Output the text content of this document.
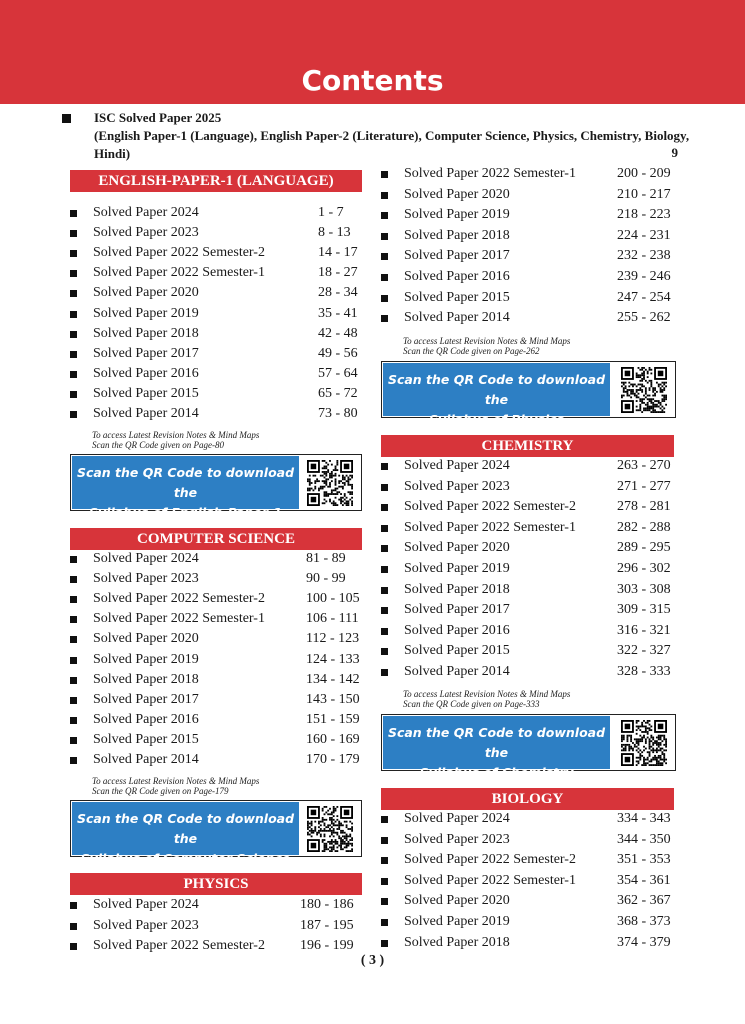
Contents
ISC Solved Paper 2025
(English Paper-1 (Language), English Paper-2 (Literature), Computer Science, Physics, Chemistry, Biology,
Hindi)	9
ENGLISH-PAPER-1 (LANGUAGE)
Solved Paper 2024	1 - 7
Solved Paper 2023	8 - 13
Solved Paper 2022 Semester-2	14 - 17
Solved Paper 2022 Semester-1	18 - 27
Solved Paper 2020	28 - 34
Solved Paper 2019	35 - 41
Solved Paper 2018	42 - 48
Solved Paper 2017	49 - 56
Solved Paper 2016	57 - 64
Solved Paper 2015	65 - 72
Solved Paper 2014	73 - 80
To access Latest Revision Notes & Mind Maps
Scan the QR Code given on Page-80
Scan the QR Code to download the
Syllabus of English-Paper-1
COMPUTER SCIENCE
Solved Paper 2024	81 - 89
Solved Paper 2023	90 - 99
Solved Paper 2022 Semester-2	100 - 105
Solved Paper 2022 Semester-1	106 - 111
Solved Paper 2020	112 - 123
Solved Paper 2019	124 - 133
Solved Paper 2018	134 - 142
Solved Paper 2017	143 - 150
Solved Paper 2016	151 - 159
Solved Paper 2015	160 - 169
Solved Paper 2014	170 - 179
To access Latest Revision Notes & Mind Maps
Scan the QR Code given on Page-179
Scan the QR Code to download the
Syllabus of Computer Science
PHYSICS
Solved Paper 2024	180 - 186
Solved Paper 2023	187 - 195
Solved Paper 2022 Semester-2	196 - 199
Solved Paper 2022 Semester-1	200 - 209
Solved Paper 2020	210 - 217
Solved Paper 2019	218 - 223
Solved Paper 2018	224 - 231
Solved Paper 2017	232 - 238
Solved Paper 2016	239 - 246
Solved Paper 2015	247 - 254
Solved Paper 2014	255 - 262
To access Latest Revision Notes & Mind Maps
Scan the QR Code given on Page-262
Scan the QR Code to download the
Syllabus of Physics
CHEMISTRY
Solved Paper 2024	263 - 270
Solved Paper 2023	271 - 277
Solved Paper 2022 Semester-2	278 - 281
Solved Paper 2022 Semester-1	282 - 288
Solved Paper 2020	289 - 295
Solved Paper 2019	296 - 302
Solved Paper 2018	303 - 308
Solved Paper 2017	309 - 315
Solved Paper 2016	316 - 321
Solved Paper 2015	322 - 327
Solved Paper 2014	328 - 333
To access Latest Revision Notes & Mind Maps
Scan the QR Code given on Page-333
Scan the QR Code to download the
Syllabus of Chemistry
BIOLOGY
Solved Paper 2024	334 - 343
Solved Paper 2023	344 - 350
Solved Paper 2022 Semester-2	351 - 353
Solved Paper 2022 Semester-1	354 - 361
Solved Paper 2020	362 - 367
Solved Paper 2019	368 - 373
Solved Paper 2018	374 - 379
( 3 )
